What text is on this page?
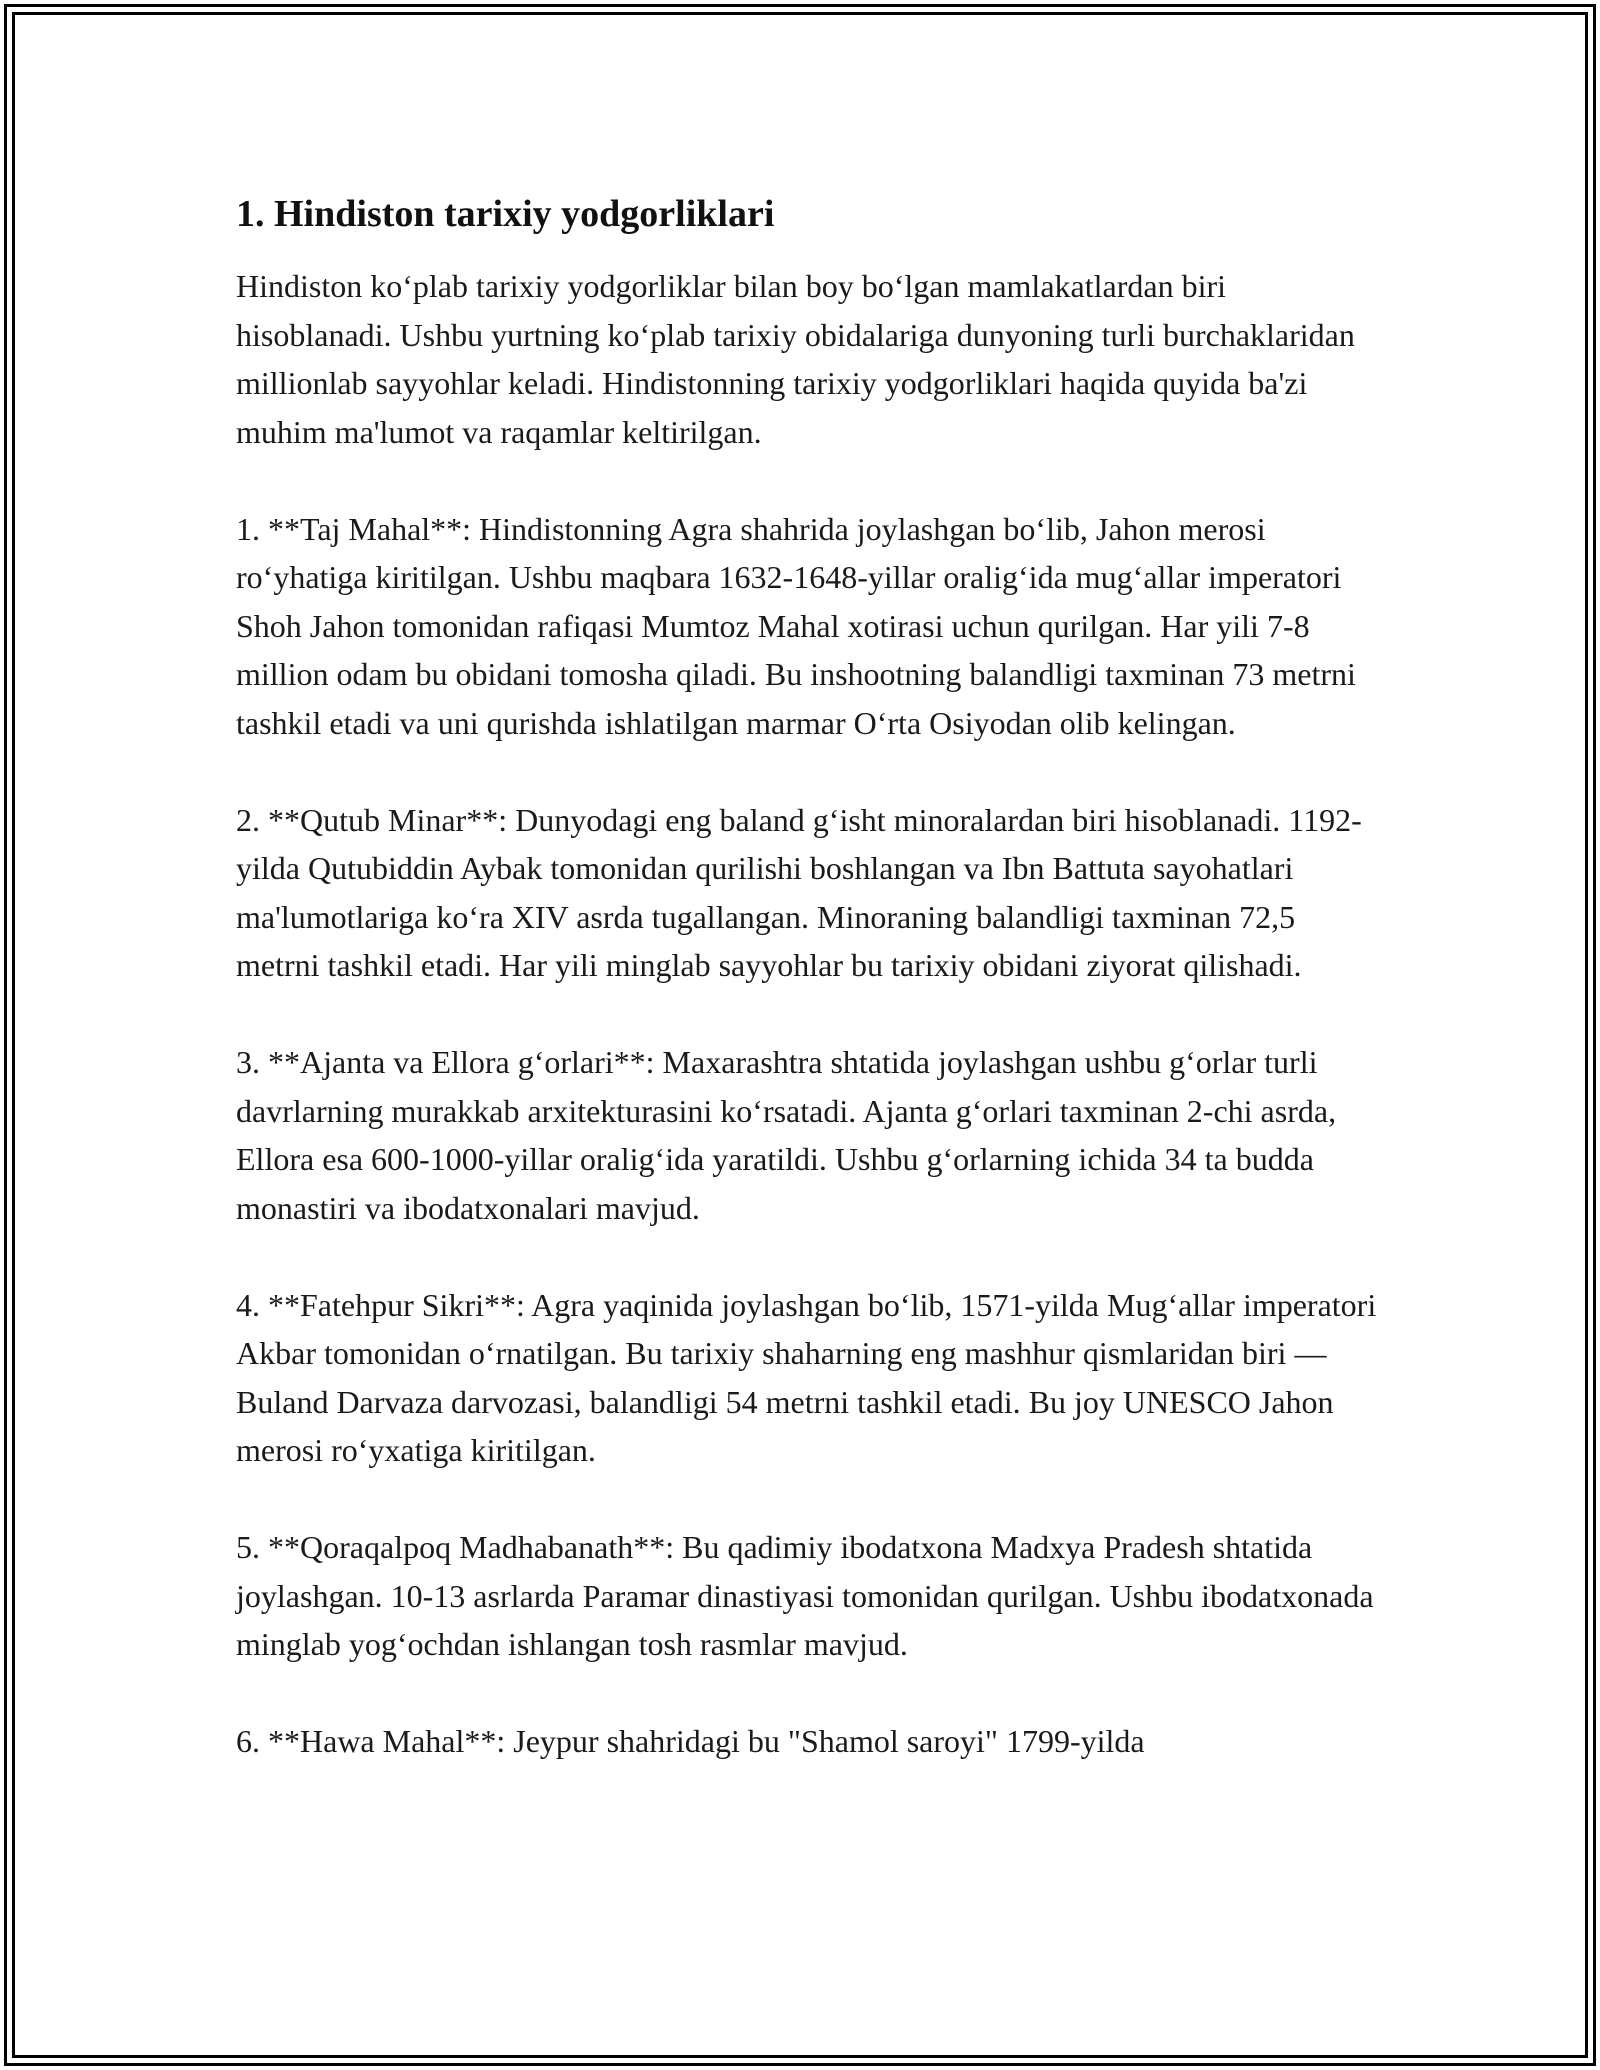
1. Hindiston tarixiy yodgorliklari

Hindiston ko‘plab tarixiy yodgorliklar bilan boy bo‘lgan mamlakatlardan biri hisoblanadi. Ushbu yurtning ko‘plab tarixiy obidalariga dunyoning turli burchaklaridan millionlab sayyohlar keladi. Hindistonning tarixiy yodgorliklari haqida quyida ba'zi muhim ma'lumot va raqamlar keltirilgan.

1. **Taj Mahal**: Hindistonning Agra shahrida joylashgan bo‘lib, Jahon merosi ro‘yhatiga kiritilgan. Ushbu maqbara 1632-1648-yillar oralig‘ida mug‘allar imperatori Shoh Jahon tomonidan rafiqasi Mumtoz Mahal xotirasi uchun qurilgan. Har yili 7-8 million odam bu obidani tomosha qiladi. Bu inshootning balandligi taxminan 73 metrni tashkil etadi va uni qurishda ishlatilgan marmar O‘rta Osiyodan olib kelingan.

2. **Qutub Minar**: Dunyodagi eng baland g‘isht minoralardan biri hisoblanadi. 1192-yilda Qutubiddin Aybak tomonidan qurilishi boshlangan va Ibn Battuta sayohatlari ma'lumotlariga ko‘ra XIV asrda tugallangan. Minoraning balandligi taxminan 72,5 metrni tashkil etadi. Har yili minglab sayyohlar bu tarixiy obidani ziyorat qilishadi.

3. **Ajanta va Ellora g‘orlari**: Maxarashtra shtatida joylashgan ushbu g‘orlar turli davrlarning murakkab arxitekturasini ko‘rsatadi. Ajanta g‘orlari taxminan 2-chi asrda, Ellora esa 600-1000-yillar oralig‘ida yaratildi. Ushbu g‘orlarning ichida 34 ta budda monastiri va ibodatxonalari mavjud.

4. **Fatehpur Sikri**: Agra yaqinida joylashgan bo‘lib, 1571-yilda Mug‘allar imperatori Akbar tomonidan o‘rnatilgan. Bu tarixiy shaharning eng mashhur qismlaridan biri — Buland Darvaza darvozasi, balandligi 54 metrni tashkil etadi. Bu joy UNESCO Jahon merosi ro‘yxatiga kiritilgan.

5. **Qoraqalpoq Madhabanath**: Bu qadimiy ibodatxona Madxya Pradesh shtatida joylashgan. 10-13 asrlarda Paramar dinastiyasi tomonidan qurilgan. Ushbu ibodatxonada minglab yog‘ochdan ishlangan tosh rasmlar mavjud.

6. **Hawa Mahal**: Jeypur shahridagi bu "Shamol saroyi" 1799-yilda
